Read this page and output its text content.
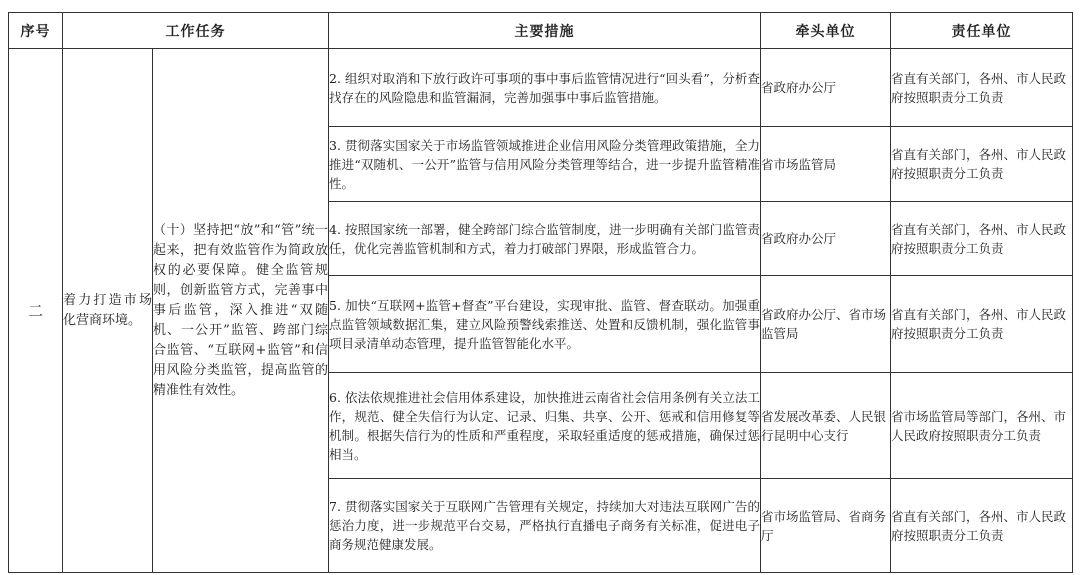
序号	工作任务		主要措施	牵头单位	责任单位
二	着力打造市场化营商环境。	（十）坚持把“放”和“管”统一起来，把有效监管作为简政放权的必要保障。健全监管规则，创新监管方式，完善事中事后监管，深入推进“双随机、一公开”监管、跨部门综合监管、“互联网+监管”和信用风险分类监管，提高监管的精准性有效性。	2. 组织对取消和下放行政许可事项的事中事后监管情况进行“回头看”，分析查找存在的风险隐患和监管漏洞，完善加强事中事后监管措施。	省政府办公厅	省直有关部门，各州、市人民政府按照职责分工负责

			3. 贯彻落实国家关于市场监管领域推进企业信用风险分类管理政策措施，全力推进“双随机、一公开”监管与信用风险分类管理等结合，进一步提升监管精准性。	省市场监管局	省直有关部门，各州、市人民政府按照职责分工负责

			4. 按照国家统一部署，健全跨部门综合监管制度，进一步明确有关部门监管责任，优化完善监管机制和方式，着力打破部门界限，形成监管合力。	省政府办公厅	省直有关部门，各州、市人民政府按照职责分工负责

			5. 加快“互联网+监管+督查”平台建设，实现审批、监管、督查联动。加强重点监管领域数据汇集，建立风险预警线索推送、处置和反馈机制，强化监管事项目录清单动态管理，提升监管智能化水平。	省政府办公厅、省市场监管局	省直有关部门，各州、市人民政府按照职责分工负责

			6. 依法依规推进社会信用体系建设，加快推进云南省社会信用条例有关立法工作，规范、健全失信行为认定、记录、归集、共享、公开、惩戒和信用修复等机制。根据失信行为的性质和严重程度，采取轻重适度的惩戒措施，确保过惩相当。	省发展改革委、人民银行昆明中心支行	省市场监管局等部门，各州、市人民政府按照职责分工负责

			7. 贯彻落实国家关于互联网广告管理有关规定，持续加大对违法互联网广告的惩治力度，进一步规范平台交易，严格执行直播电子商务有关标准，促进电子商务规范健康发展。	省市场监管局、省商务厅	省直有关部门，各州、市人民政府按照职责分工负责
